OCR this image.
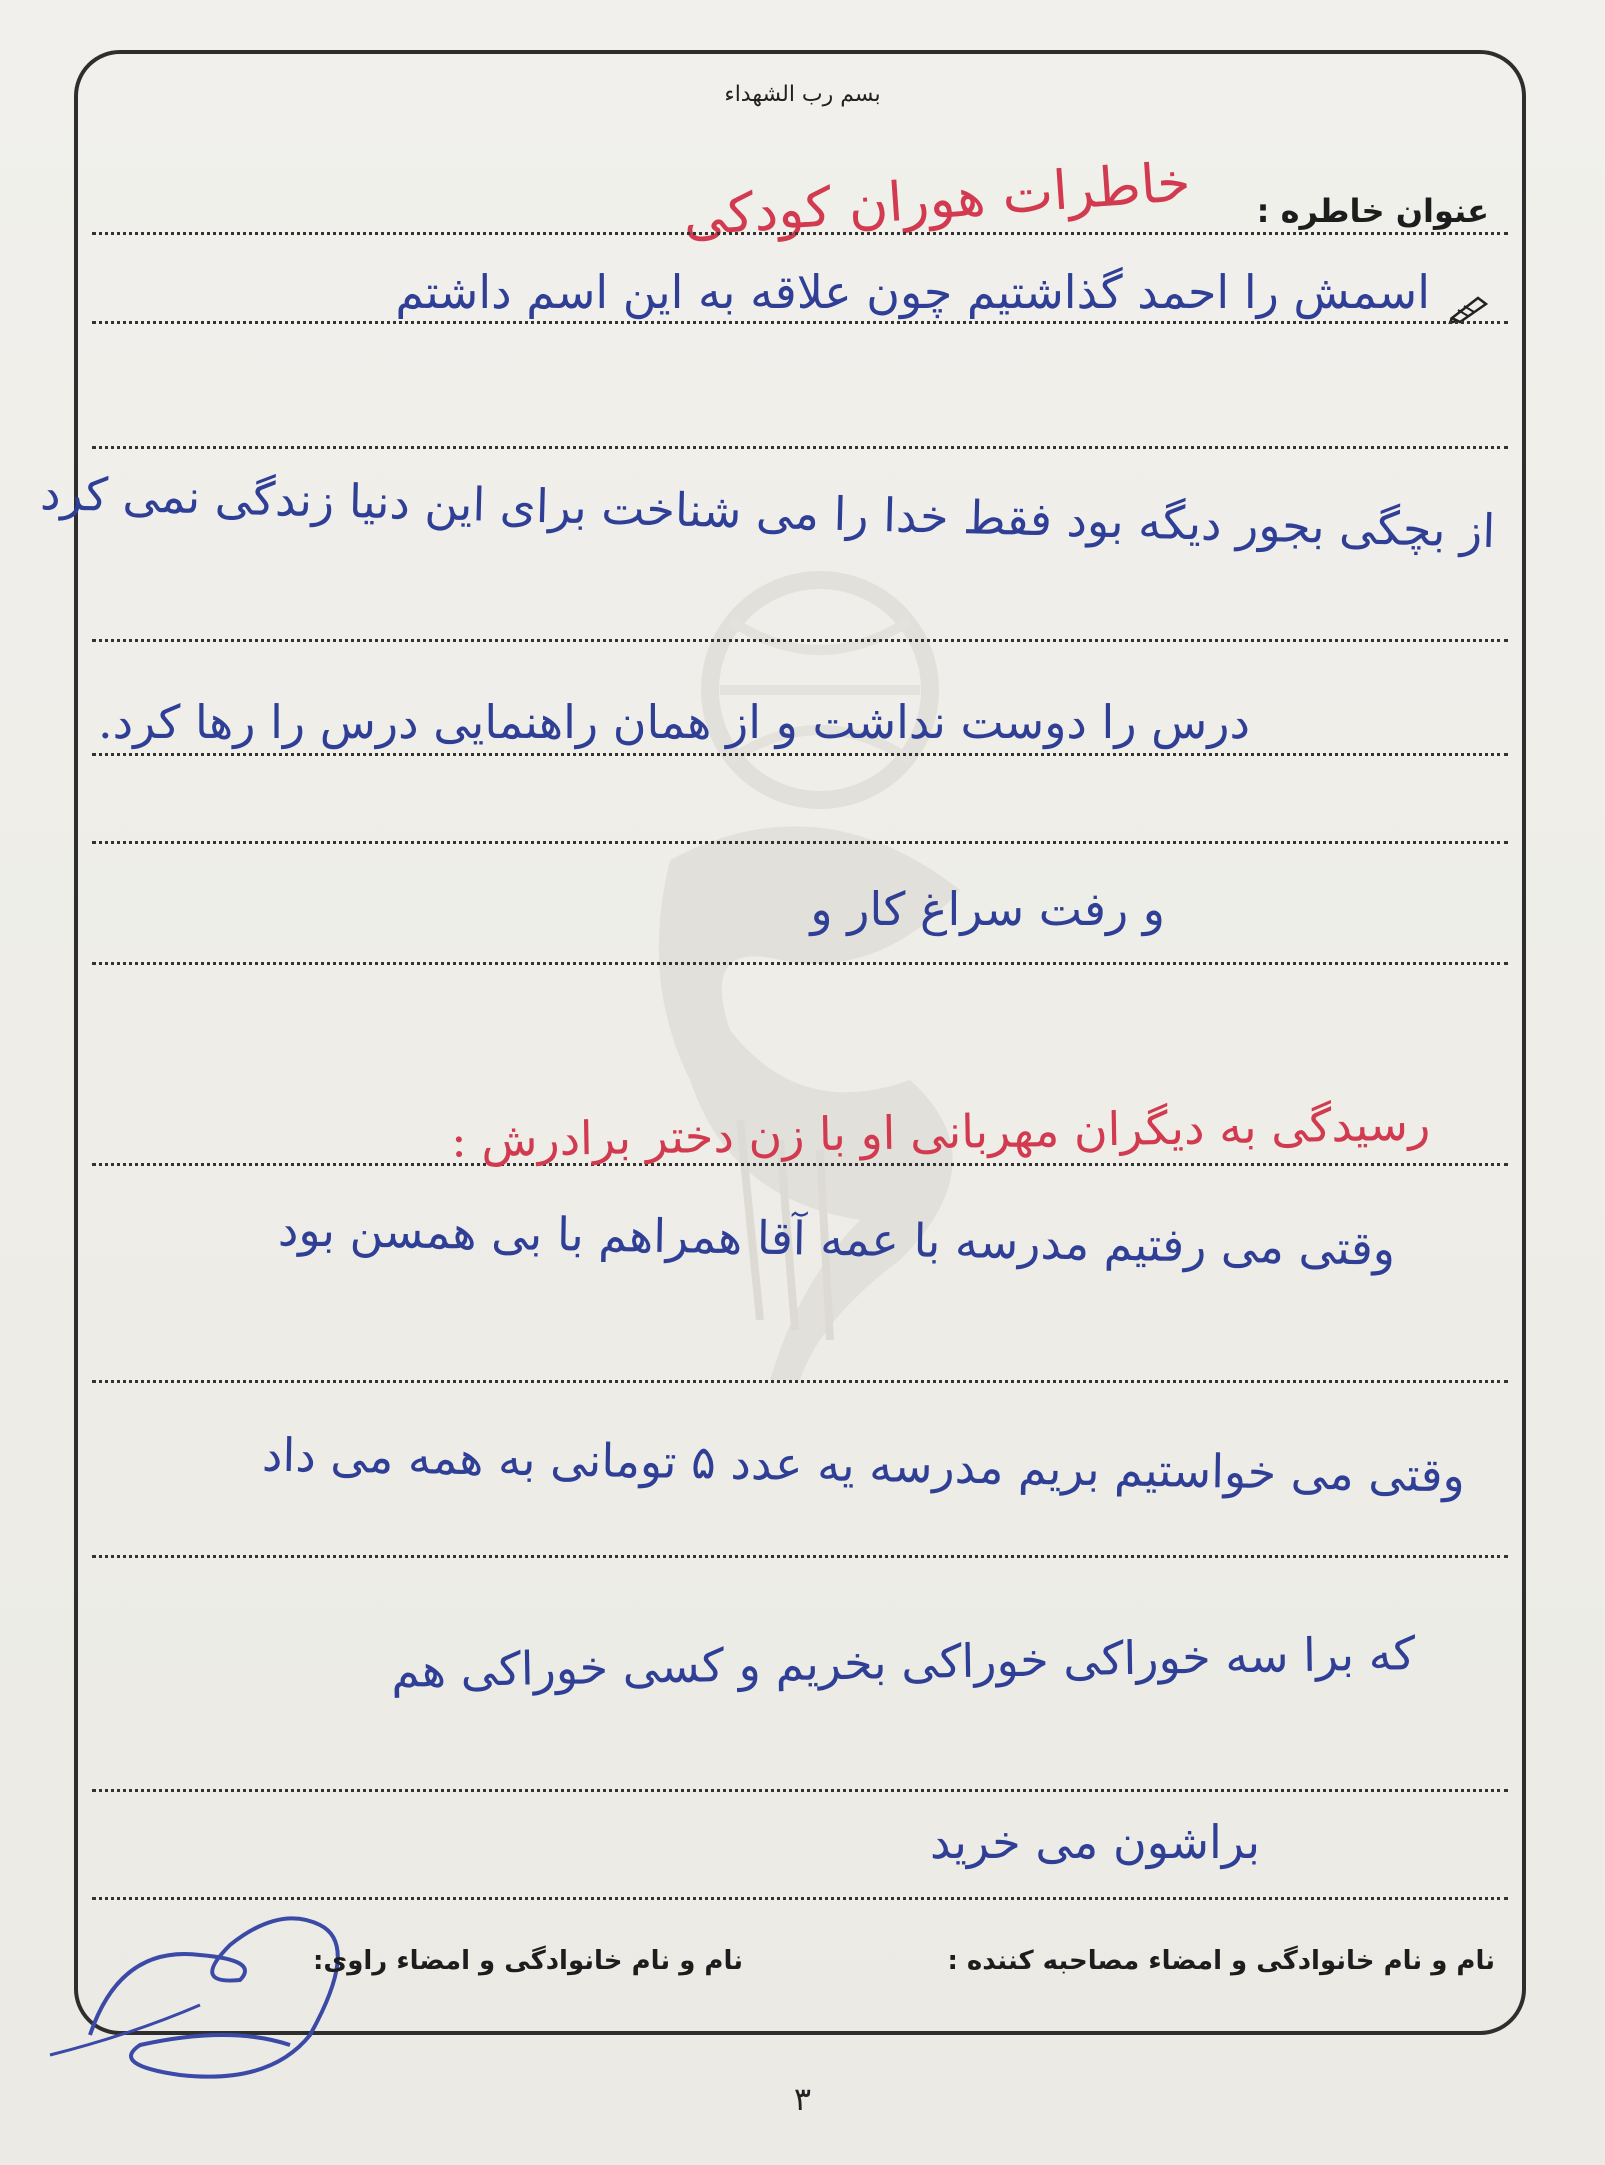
بسم رب الشهداء
عنوان خاطره :
خاطرات هوران کودکی
اسمش را احمد گذاشتیم چون علاقه به این اسم داشتم
از بچگی بجور دیگه بود فقط خدا را می شناخت برای این دنیا زندگی نمی کرد
درس را دوست نداشت و از همان راهنمایی درس را رها کرد.
و رفت سراغ کار و
رسیدگی به دیگران مهربانی او با زن دختر برادرش :
وقتی می رفتیم مدرسه با عمه آقا همراهم با بی همسن بود
وقتی می خواستیم بریم مدرسه یه عدد ۵ تومانی به همه می داد
که برا سه خوراکی خوراکی بخریم و کسی خوراکی هم
براشون می خرید
نام و نام خانوادگی و امضاء راوی:	نام و نام خانوادگی و امضاء مصاحبه کننده :
۳
